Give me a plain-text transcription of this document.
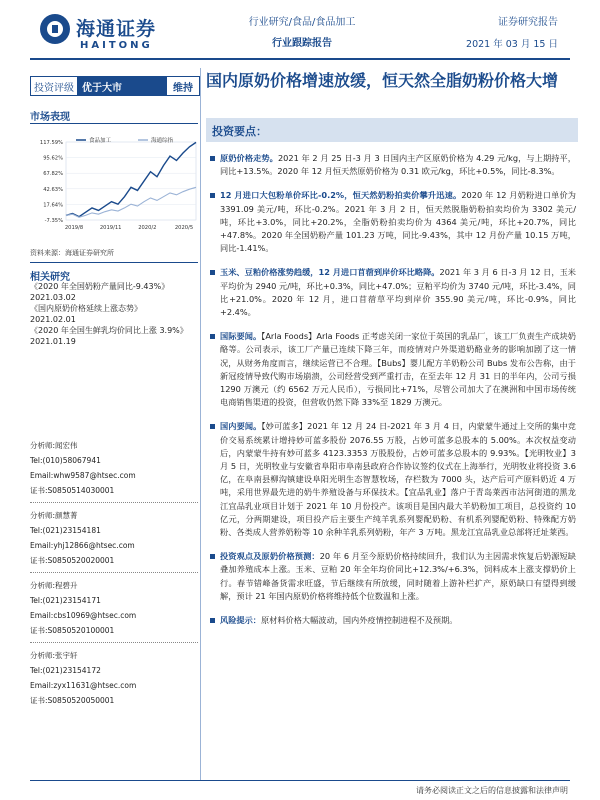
海通证券
HAITONG
行业研究/食品/食品加工
行业跟踪报告
证券研究报告
2021 年 03 月 15 日
投资评级 优于大市	维持
市场表现
117.59%
95.62%
67.82%
42.63%
17.64%
-7.35%
2019/8	2019/11	2020/2	2020/5
食品加工	海通综指
资料来源：海通证券研究所
相关研究
《2020 年全国奶粉产量同比-9.43%》
2021.03.02
《国内原奶价格延续上涨态势》
2021.02.01
《2020 年全国生鲜乳均价同比上涨 3.9%》
2021.01.19
分析师:闻宏伟
Tel:(010)58067941
Email:whw9587@htsec.com
证书:S0850514030001
分析师:颜慧菁
Tel:(021)23154181
Email:yhj12866@htsec.com
证书:S0850520020001
分析师:程碧升
Tel:(021)23154171
Email:cbs10969@htsec.com
证书:S0850520100001
分析师:张宇轩
Tel:(021)23154172
Email:zyx11631@htsec.com
证书:S0850520050001
国内原奶价格增速放缓，恒天然全脂奶粉价格大增
投资要点：

原奶价格走势。2021 年 2 月 25 日-3 月 3 日国内主产区原奶价格为 4.29 元/kg，与上期持平，同比+13.5%。2020 年 12 月恒天然原奶价格为 0.31 欧元/kg，环比+0.5%，同比-8.3%。

12 月进口大包粉单价环比-0.2%，恒天然奶粉拍卖价攀升迅速。2020 年 12 月奶粉进口单价为 3391.09 美元/吨，环比-0.2%。2021 年 3 月 2 日，恒天然脱脂奶粉拍卖均价为 3302 美元/吨，环比+3.0%，同比+20.2%，全脂奶粉拍卖均价为 4364 美元/吨，环比+20.7%，同比+47.8%。2020 年全国奶粉产量 101.23 万吨，同比-9.43%，其中 12 月份产量 10.15 万吨，同比-1.41%。

玉米、豆粕价格涨势趋缓，12 月进口苜蓿到岸价环比略降。2021 年 3 月 6 日-3 月 12 日，玉米平均价为 2940 元/吨，环比+0.3%，同比+47.0%；豆粕平均价为 3740 元/吨，环比-3.4%，同比+21.0%。2020 年 12 月，进口苜蓿草平均到岸价 355.90 美元/吨，环比-0.9%，同比+2.4%。

国际要闻。【Arla Foods】Arla Foods 正考虑关闭一家位于英国的乳品厂，该工厂负责生产成块奶酪等。公司表示，该工厂产量已连续下降三年，而疫情对户外渠道奶酪业务的影响加剧了这一情况，从财务角度而言，继续运营已不合理。【Bubs】婴儿配方羊奶粉公司 Bubs 发布公告称，由于新冠疫情导致代购市场崩溃，公司经营受到严重打击，在至去年 12 月 31 日的半年内，公司亏损 1290 万澳元（约 6562 万元人民币），亏损同比+71%，尽管公司加大了在澳洲和中国市场传统电商销售渠道的投资，但营收仍然下降 33%至 1829 万澳元。

国内要闻。【妙可蓝多】2021 年 12 月 24 日-2021 年 3 月 4 日，内蒙蒙牛通过上交所的集中竞价交易系统累计增持妙可蓝多股份 2076.55 万股，占妙可蓝多总股本的 5.00%。本次权益变动后，内蒙蒙牛持有妙可蓝多 4123.3353 万股股份，占妙可蓝多总股本的 9.93%。【光明牧业】3 月 5 日，光明牧业与安徽省阜阳市阜南县政府合作协议签约仪式在上海举行，光明牧业将投资 3.6 亿，在阜南县柳沟镇建设阜阳光明生态智慧牧场，存栏数为 7000 头，达产后可产原料奶近 4 万吨，采用世界最先进的奶牛养殖设备与环保技术。【宜品乳业】落户于青岛莱西市沽河街道的黑龙江宜品乳业项目计划于 2021 年 10 月份投产。该项目是国内最大羊奶粉加工项目，总投资约 10 亿元，分两期建设，项目投产后主要生产纯羊乳系列婴配奶粉、有机系列婴配奶粉、特殊配方奶粉、各类成人营养奶粉等 10 余种羊乳系列奶粉，年产 3 万吨。黑龙江宜品乳业总部将迁址莱西。

投资观点及原奶价格预测：20 年 6 月至今原奶价格持续回升，我们认为主因需求恢复后奶源短缺叠加养殖成本上涨。玉米、豆粕 20 年全年均价同比+12.3%/+6.3%，饲料成本上涨支撑奶价上行。春节错峰备货需求旺盛，节后继续有所放缓，同时随着上游补栏扩产，原奶缺口有望得到缓解，预计 21 年国内原奶价格将维持低个位数温和上涨。

风险提示：原材料价格大幅波动，国内外疫情控制进程不及预期。

请务必阅读正文之后的信息披露和法律声明
